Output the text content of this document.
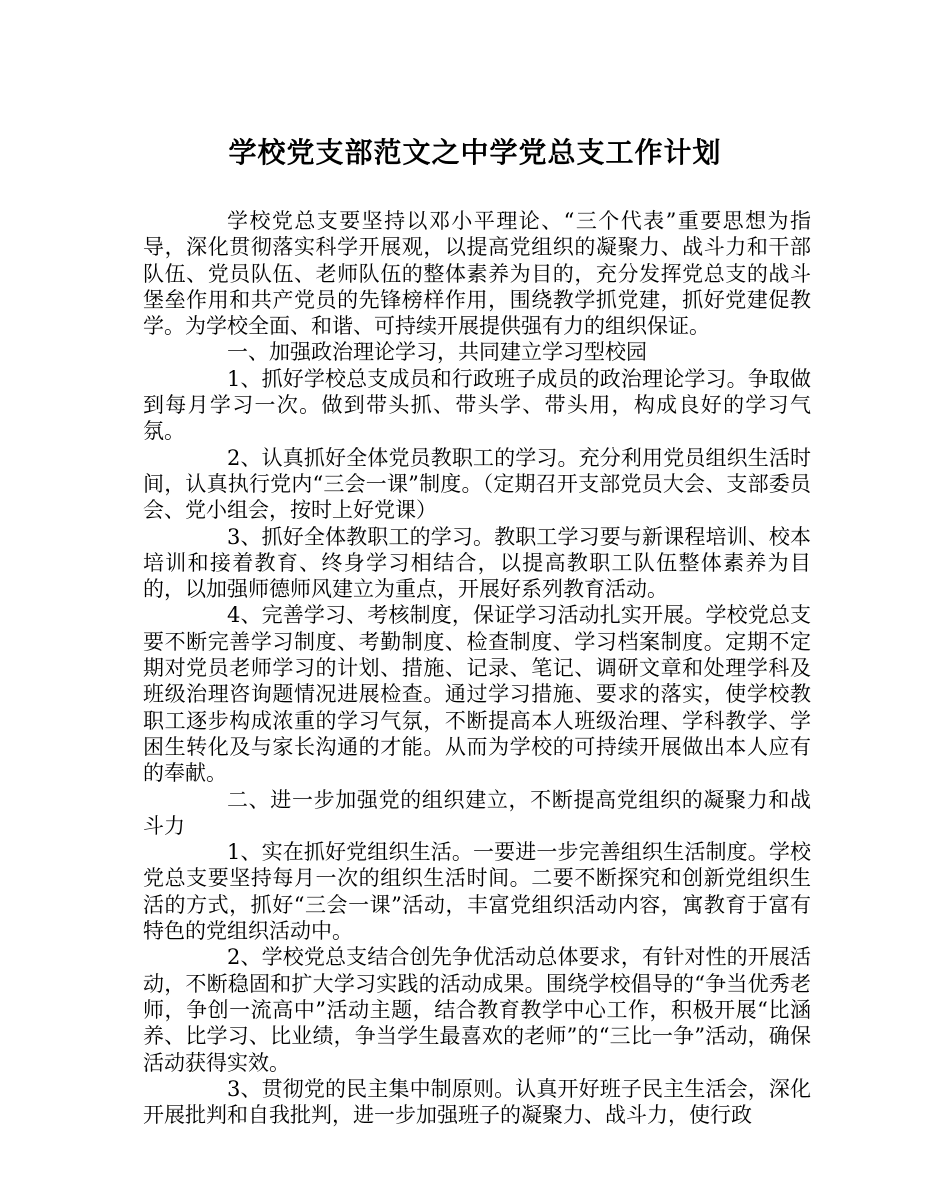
学校党支部范文之中学党总支工作计划

学校党总支要坚持以邓小平理论、“三个代表”重要思想为指导，深化贯彻落实科学开展观，以提高党组织的凝聚力、战斗力和干部队伍、党员队伍、老师队伍的整体素养为目的，充分发挥党总支的战斗堡垒作用和共产党员的先锋榜样作用，围绕教学抓党建，抓好党建促教学。为学校全面、和谐、可持续开展提供强有力的组织保证。

一、加强政治理论学习，共同建立学习型校园

1、抓好学校总支成员和行政班子成员的政治理论学习。争取做到每月学习一次。做到带头抓、带头学、带头用，构成良好的学习气氛。

2、认真抓好全体党员教职工的学习。充分利用党员组织生活时间，认真执行党内“三会一课”制度。（定期召开支部党员大会、支部委员会、党小组会，按时上好党课）

3、抓好全体教职工的学习。教职工学习要与新课程培训、校本培训和接着教育、终身学习相结合，以提高教职工队伍整体素养为目的，以加强师德师风建立为重点，开展好系列教育活动。

4、完善学习、考核制度，保证学习活动扎实开展。学校党总支要不断完善学习制度、考勤制度、检查制度、学习档案制度。定期不定期对党员老师学习的计划、措施、记录、笔记、调研文章和处理学科及班级治理咨询题情况进展检查。通过学习措施、要求的落实，使学校教职工逐步构成浓重的学习气氛，不断提高本人班级治理、学科教学、学困生转化及与家长沟通的才能。从而为学校的可持续开展做出本人应有的奉献。

二、进一步加强党的组织建立，不断提高党组织的凝聚力和战斗力

1、实在抓好党组织生活。一要进一步完善组织生活制度。学校党总支要坚持每月一次的组织生活时间。二要不断探究和创新党组织生活的方式，抓好“三会一课”活动，丰富党组织活动内容，寓教育于富有特色的党组织活动中。

2、学校党总支结合创先争优活动总体要求，有针对性的开展活动，不断稳固和扩大学习实践的活动成果。围绕学校倡导的“争当优秀老师，争创一流高中”活动主题，结合教育教学中心工作，积极开展“比涵养、比学习、比业绩，争当学生最喜欢的老师”的“三比一争”活动，确保活动获得实效。

3、贯彻党的民主集中制原则。认真开好班子民主生活会，深化开展批判和自我批判，进一步加强班子的凝聚力、战斗力，使行政
